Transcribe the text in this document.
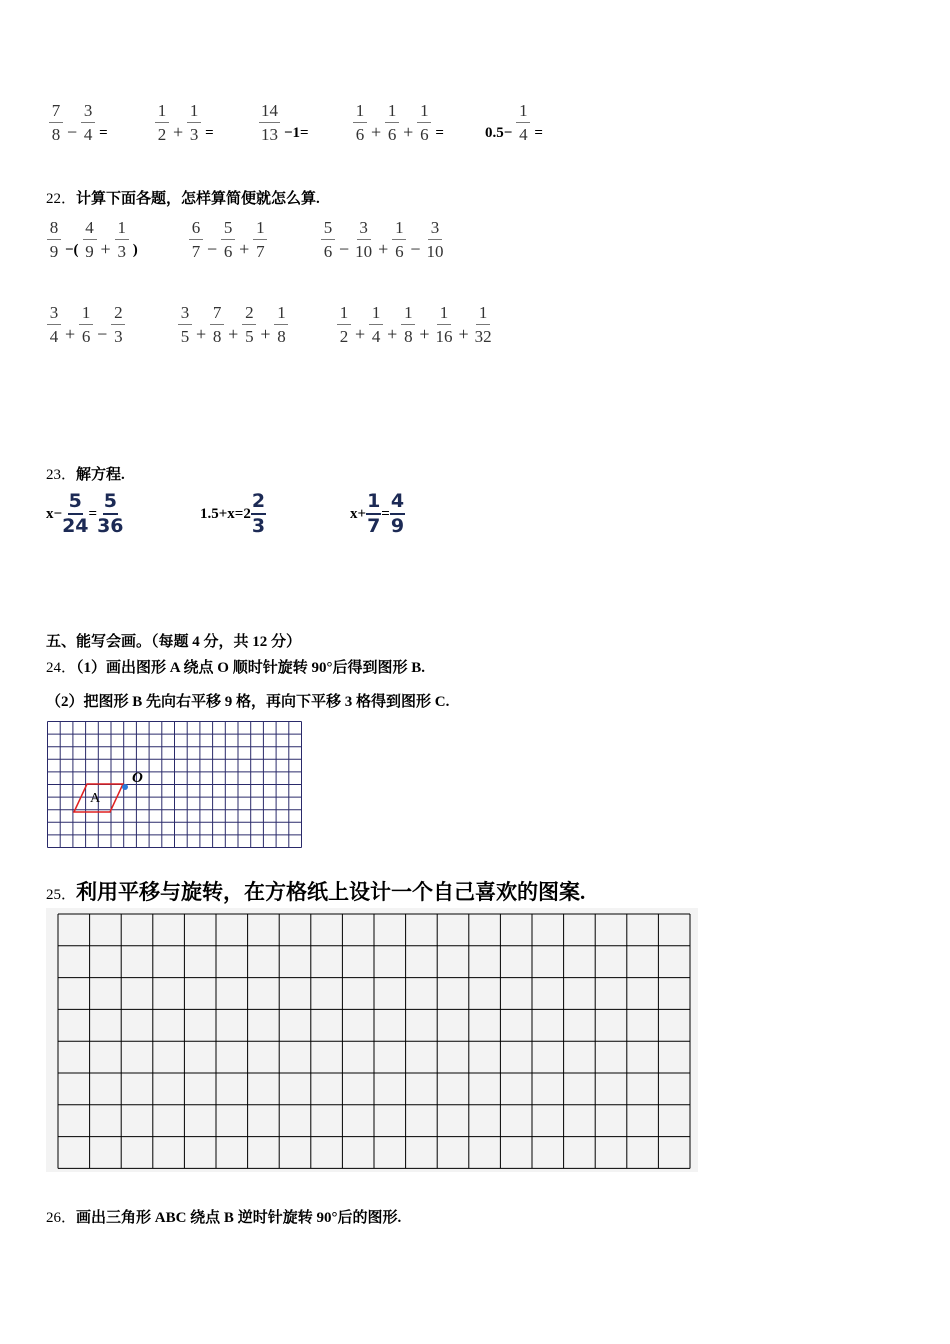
$\frac{7}{8} - \frac{3}{4}$ =	$\frac{1}{2} + \frac{1}{3}$ =	$\frac{14}{13} -1=$	$\frac{1}{6} + \frac{1}{6} + \frac{1}{6}$ =	$0.5- \frac{1}{4}$ =
22．计算下面各题，怎样算简便就怎么算.
$\frac{8}{9}$ −( $\frac{4}{9} + \frac{1}{3}$ )	$\frac{6}{7} - \frac{5}{6} + \frac{1}{7}$	$\frac{5}{6} - \frac{3}{10} + \frac{1}{6} - \frac{3}{10}$
$\frac{3}{4} + \frac{1}{6} - \frac{2}{3}$	$\frac{3}{5} + \frac{7}{8} + \frac{2}{5} + \frac{1}{8}$	$\frac{1}{2} + \frac{1}{4} + \frac{1}{8} + \frac{1}{16} + \frac{1}{32}$
23．解方程.
$x- \frac{5}{24} = \frac{5}{36}$	1.5+x=2
2
3
$x+ \frac{1}{7} = \frac{4}{9}$
五、能写会画。（每题 4 分，共 12 分）
24．（1）画出图形 A 绕点 O 顺时针旋转 90°后得到图形 B.
（2）把图形 B 先向右平移 9 格，再向下平移 3 格得到图形 C.
A
O
25．利用平移与旋转，在方格纸上设计一个自己喜欢的图案.
26．画出三角形 ABC 绕点 B 逆时针旋转 90°后的图形.
